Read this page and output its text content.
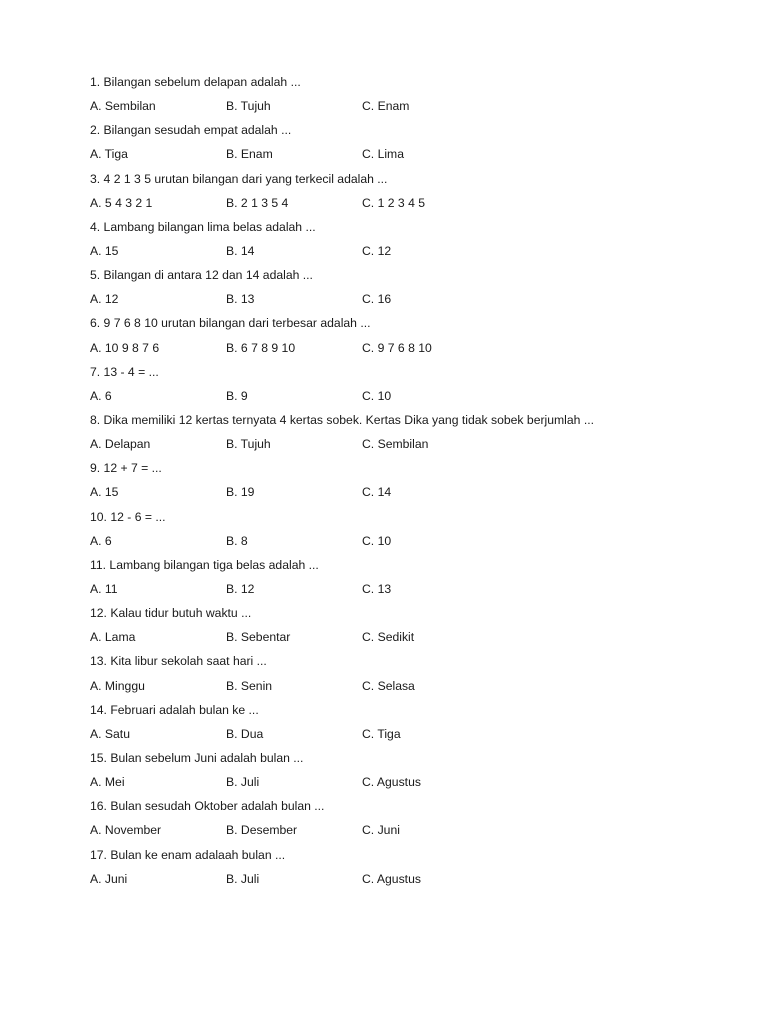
1. Bilangan sebelum delapan adalah ...
A. Sembilan	B. Tujuh	C. Enam
2. Bilangan sesudah empat adalah ...
A. Tiga	B. Enam	C. Lima
3. 4 2 1 3 5 urutan bilangan dari yang terkecil adalah ...
A. 5 4 3 2 1	B. 2 1 3 5 4	C. 1 2 3 4 5
4. Lambang bilangan lima belas adalah ...
A. 15	B. 14	C. 12
5. Bilangan di antara 12 dan 14 adalah ...
A. 12	B. 13	C. 16
6. 9 7 6 8 10 urutan bilangan dari terbesar adalah ...
A. 10 9 8 7 6	B. 6 7 8 9 10	C. 9 7 6 8 10
7. 13 - 4 = ...
A. 6	B. 9	C. 10
8. Dika memiliki 12 kertas ternyata 4 kertas sobek. Kertas Dika yang tidak sobek berjumlah ...
A. Delapan	B. Tujuh	C. Sembilan
9. 12 + 7 = ...
A. 15	B. 19	C. 14
10. 12 - 6 = ...
A. 6	B. 8	C. 10
11. Lambang bilangan tiga belas adalah ...
A. 11	B. 12	C. 13
12. Kalau tidur butuh waktu ...
A. Lama	B. Sebentar	C. Sedikit
13. Kita libur sekolah saat hari ...
A. Minggu	B. Senin	C. Selasa
14. Februari adalah bulan ke ...
A. Satu	B. Dua	C. Tiga
15. Bulan sebelum Juni adalah bulan ...
A. Mei	B. Juli	C. Agustus
16. Bulan sesudah Oktober adalah bulan ...
A. November	B. Desember	C. Juni
17. Bulan ke enam adalaah bulan ...
A. Juni	B. Juli	C. Agustus
